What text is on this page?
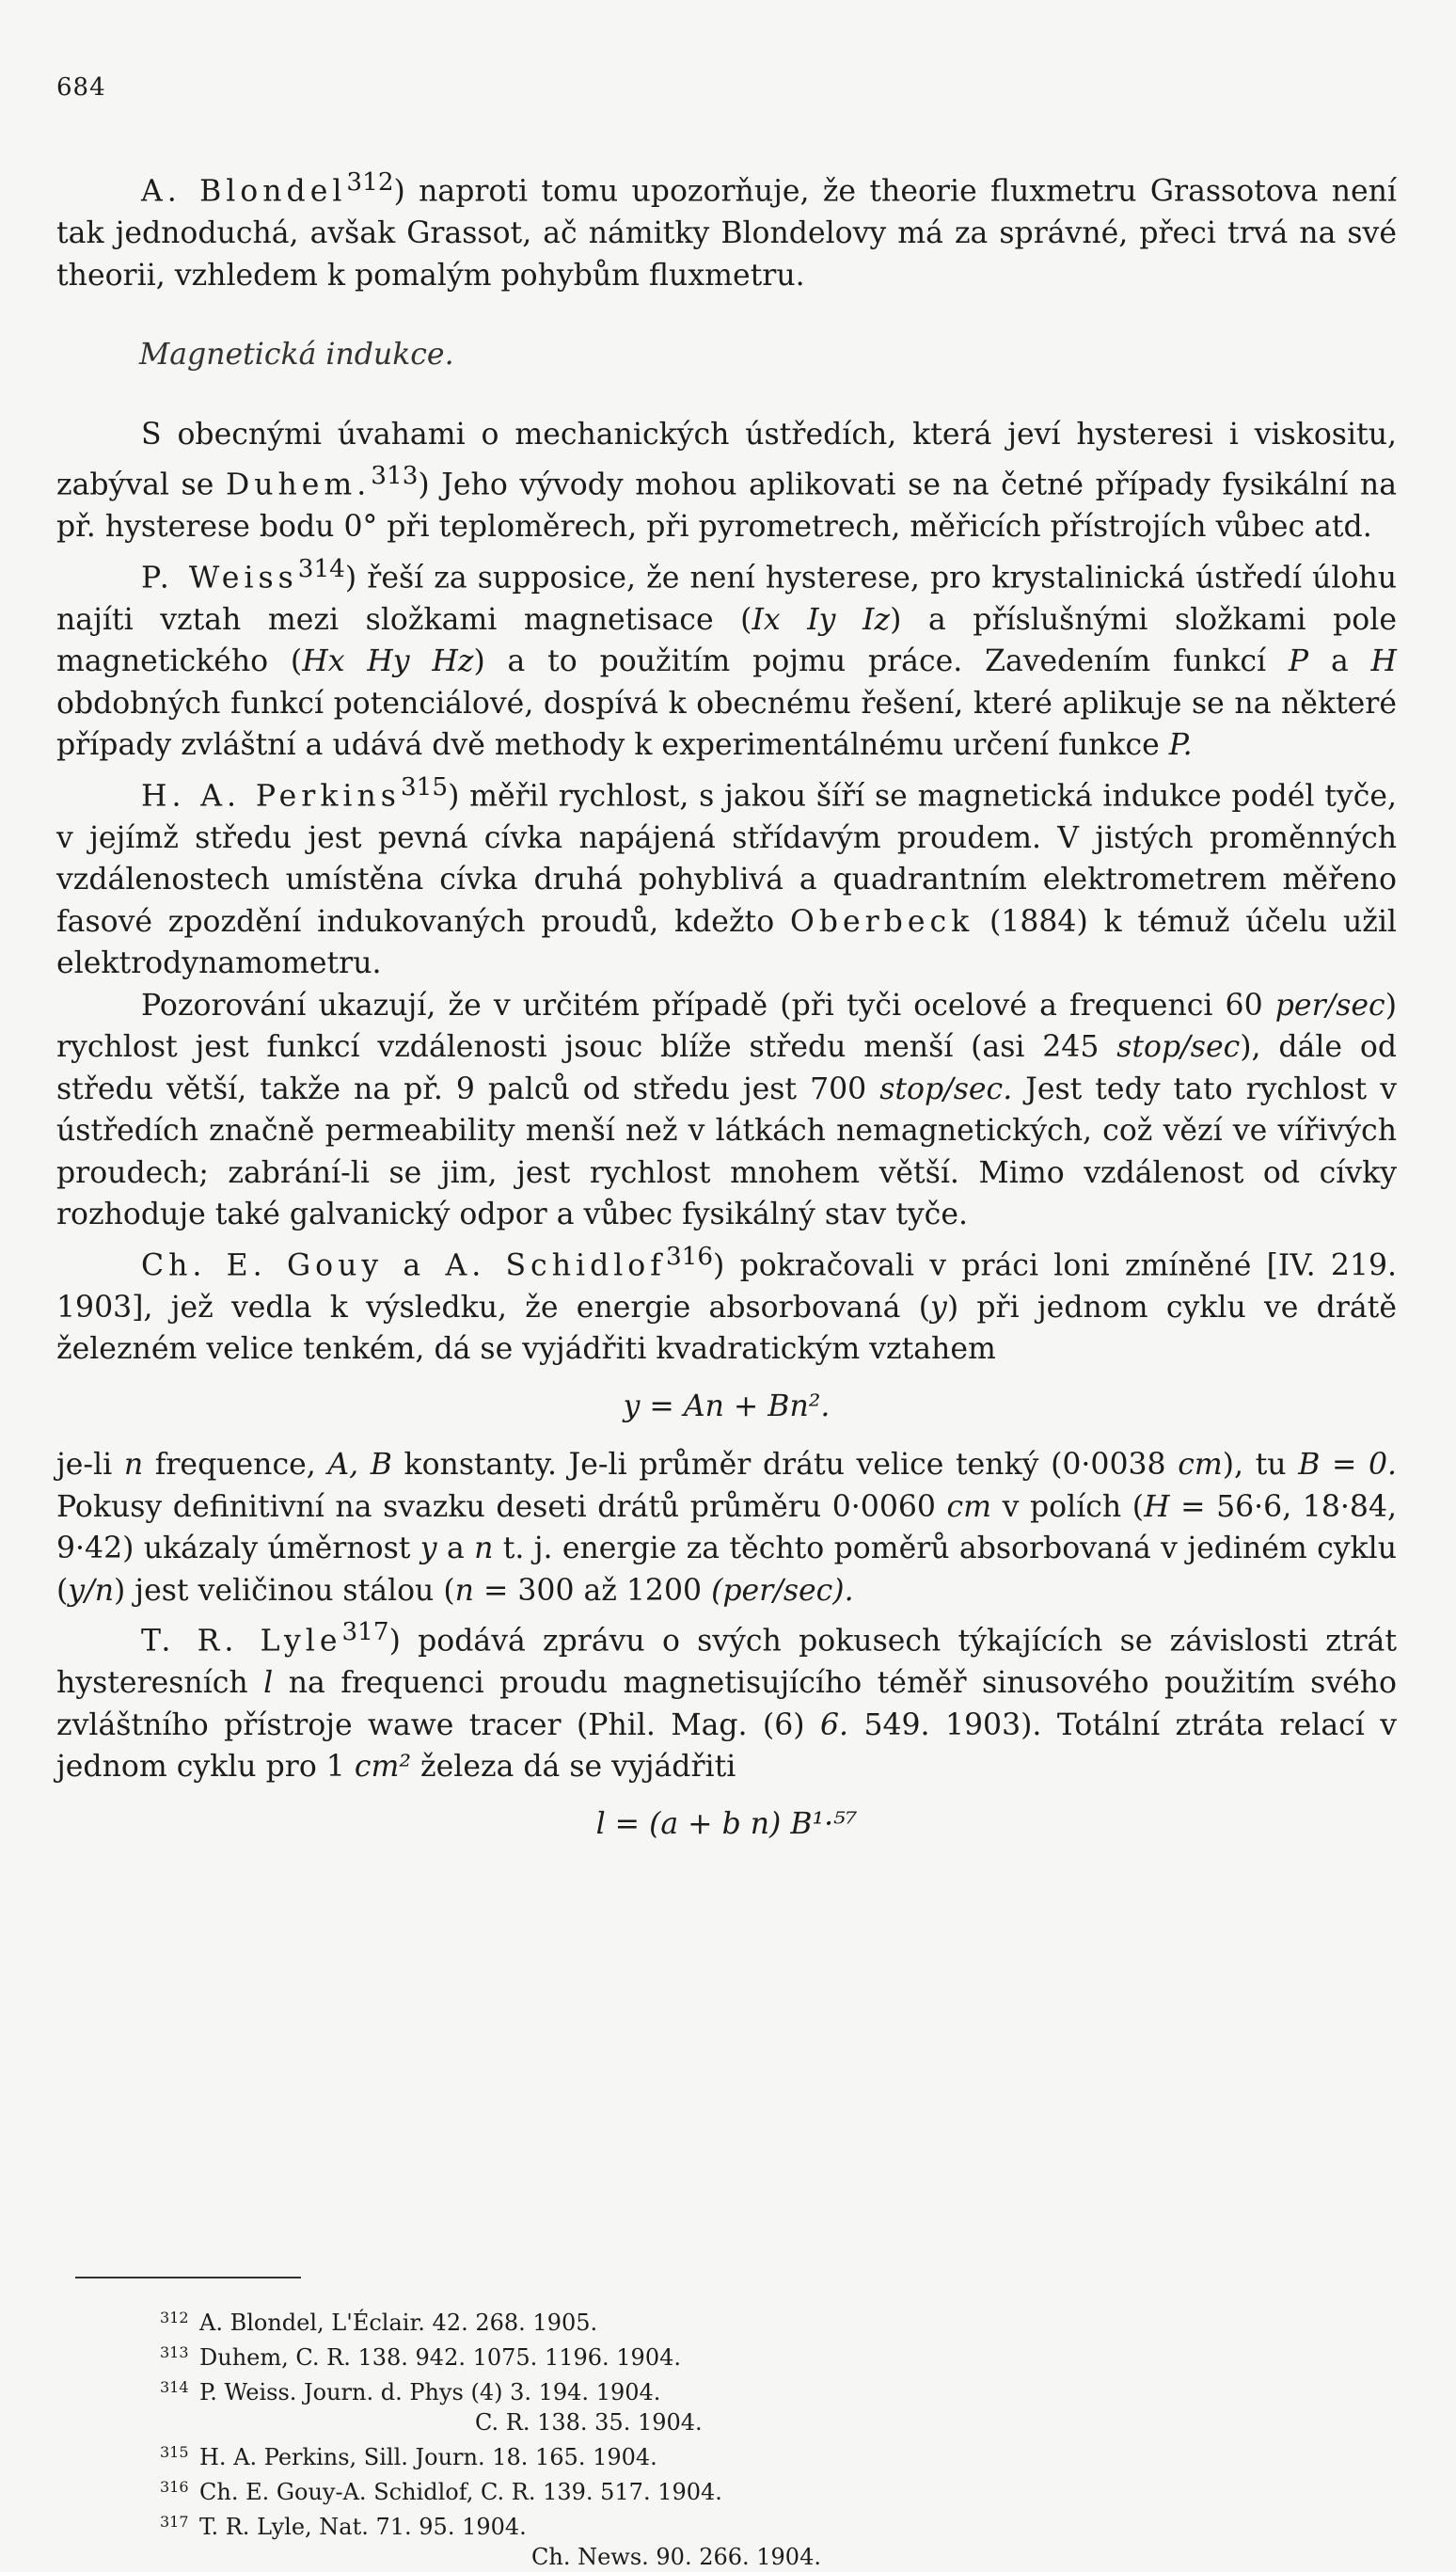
684

A. Blondel$^{312}$) naproti tomu upozorňuje, že theorie fluxmetru Grassotova není tak jednoduchá, avšak Grassot, ač námitky Blondelovy má za správné, přeci trvá na své theorii, vzhledem k pomalým pohybům fluxmetru.

Magnetická indukce.

S obecnými úvahami o mechanických ústředích, která jeví hysteresi i viskositu, zabýval se Duhem.$^{313}$) Jeho vývody mohou aplikovati se na četné případy fysikální na př. hysterese bodu 0° při teploměrech, při pyrometrech, měřicích přístrojích vůbec atd.

P. Weiss$^{314}$) řeší za supposice, že není hysterese, pro krystalinická ústředí úlohu najíti vztah mezi složkami magnetisace (Ix Iy Iz) a příslušnými složkami pole magnetického (Hx Hy Hz) a to použitím pojmu práce. Zavedením funkcí P a H obdobných funkcí potenciálové, dospívá k obecnému řešení, které aplikuje se na některé případy zvláštní a udává dvě methody k experimentálnému určení funkce P.

H. A. Perkins$^{315}$) měřil rychlost, s jakou šíří se magnetická indukce podél tyče, v jejímž středu jest pevná cívka napájená střídavým proudem. V jistých proměnných vzdálenostech umístěna cívka druhá pohyblivá a quadrantním elektrometrem měřeno fasové zpozdění indukovaných proudů, kdežto Oberbeck (1884) k témuž účelu užil elektrodynamometru.

Pozorování ukazují, že v určitém případě (při tyči ocelové a frequenci 60 per/sec) rychlost jest funkcí vzdálenosti jsouc blíže středu menší (asi 245 stop/sec), dále od středu větší, takže na př. 9 palců od středu jest 700 stop/sec. Jest tedy tato rychlost v ústředích značně permeability menší než v látkách nemagnetických, což vězí ve vířivých proudech; zabrání-li se jim, jest rychlost mnohem větší. Mimo vzdálenost od cívky rozhoduje také galvanický odpor a vůbec fysikálný stav tyče.

Ch. E. Gouy a A. Schidlof$^{316}$) pokračovali v práci loni zmíněné [IV. 219. 1903], jež vedla k výsledku, že energie absorbovaná (y) při jednom cyklu ve drátě železném velice tenkém, dá se vyjádřiti kvadratickým vztahem

y = An + Bn².

je-li n frequence, A, B konstanty. Je-li průměr drátu velice tenký (0·0038 cm), tu B = 0. Pokusy definitivní na svazku deseti drátů průměru 0·0060 cm v polích (H = 56·6, 18·84, 9·42) ukázaly úměrnost y a n t. j. energie za těchto poměrů absorbovaná v jediném cyklu (y/n) jest veličinou stálou (n = 300 až 1200 (per/sec).

T. R. Lyle$^{317}$) podává zprávu o svých pokusech týkajících se závislosti ztrát hysteresních l na frequenci proudu magnetisujícího téměř sinusového použitím svého zvláštního přístroje wawe tracer (Phil. Mag. (6) 6. 549. 1903). Totální ztráta relací v jednom cyklu pro 1 cm² železa dá se vyjádřiti

l = (a + b n) B¹·⁵⁷

312 A. Blondel, L'Éclair. 42. 268. 1905.
313 Duhem, C. R. 138. 942. 1075. 1196. 1904.
314 P. Weiss. Journ. d. Phys (4) 3. 194. 1904.
C. R. 138. 35. 1904.
315 H. A. Perkins, Sill. Journ. 18. 165. 1904.
316 Ch. E. Gouy-A. Schidlof, C. R. 139. 517. 1904.
317 T. R. Lyle, Nat. 71. 95. 1904.
Ch. News. 90. 266. 1904.
